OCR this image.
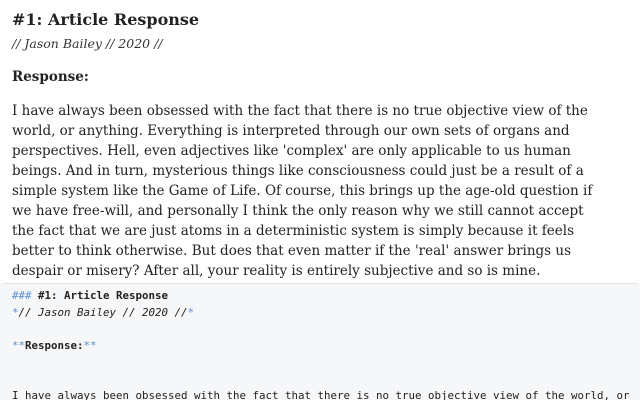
#1: Article Response
// Jason Bailey // 2020 //
Response:
I have always been obsessed with the fact that there is no true objective view of the
world, or anything. Everything is interpreted through our own sets of organs and
perspectives. Hell, even adjectives like 'complex' are only applicable to us human
beings. And in turn, mysterious things like consciousness could just be a result of a
simple system like the Game of Life. Of course, this brings up the age-old question if
we have free-will, and personally I think the only reason why we still cannot accept
the fact that we are just atoms in a deterministic system is simply because it feels
better to think otherwise. But does that even matter if the 'real' answer brings us
despair or misery? After all, your reality is entirely subjective and so is mine.
### #1: Article Response
*// Jason Bailey // 2020 //*
**Response:**
I have always been obsessed with the fact that there is no true objective view of the world, or
